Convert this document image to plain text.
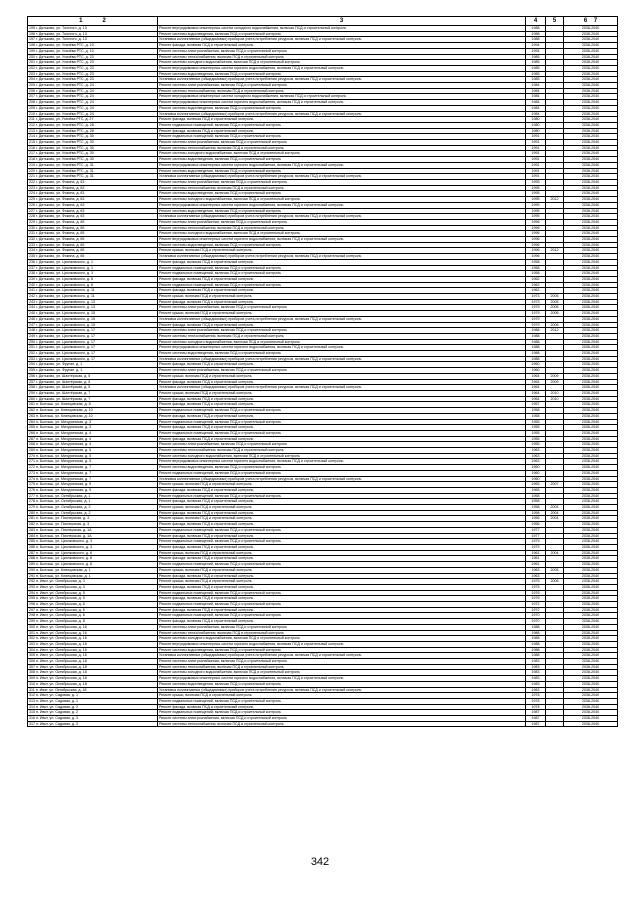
1 2	3	4	5	6 7
195 г. Дятьково, ул. Толстого, д. 13	Ремонт внутридомовых инженерных систем холодного водоснабжения, включая ПСД и строительный контроль	1988		2038-2040
196 г. Дятьково, ул. Толстого, д. 13	Ремонт системы водоотведения, включая ПСД и строительный контроль	1988		2038-2040
197 г. Дятьково, ул. Толстого, д. 13	Установка коллективных (общедомовых) приборов учета потребления ресурсов, включая ПСД и строительный контроль	1988		2038-2040
198 г. Дятьково, ул. Ухачёва РТС, д. 10	Ремонт фасада, включая ПСД и строительный контроль	1994		2038-2040
199 г. Дятьково, ул. Ухачёва РТС, д. 10	Ремонт системы электроснабжения, включая ПСД и строительный контроль	1994		2038-2040
200 г. Дятьково, ул. Ухачёва РТС, д. 23	Ремонт системы теплоснабжения, включая ПСД и строительный контроль	1985		2038-2040
201 г. Дятьково, ул. Ухачёва РТС, д. 23	Ремонт системы холодного водоснабжения, включая ПСД и строительный контроль	1985		2038-2040
202 г. Дятьково, ул. Ухачёва РТС, д. 23	Ремонт внутридомовых инженерных систем горячего водоснабжения, включая ПСД и строительный контроль	1985		2038-2040
203 г. Дятьково, ул. Ухачёва РТС, д. 23	Ремонт системы водоотведения, включая ПСД и строительный контроль	1985		2038-2040
204 г. Дятьково, ул. Ухачёва РТС, д. 23	Установка коллективных (общедомовых) приборов учета потребления ресурсов, включая ПСД и строительный контроль	1985		2038-2040
205 г. Дятьково, ул. Ухачёва РТС, д. 24	Ремонт системы электроснабжения, включая ПСД и строительный контроль	1984		2038-2040
206 г. Дятьково, ул. Ухачёва РТС, д. 24	Ремонт системы теплоснабжения, включая ПСД и строительный контроль	1984		2038-2040
207 г. Дятьково, ул. Ухачёва РТС, д. 24	Ремонт внутридомовых инженерных систем холодного водоснабжения, включая ПСД и строительный контроль	1984		2038-2040
208 г. Дятьково, ул. Ухачёва РТС, д. 24	Ремонт внутридомовых инженерных систем горячего водоснабжения, включая ПСД и строительный контроль	1984		2038-2040
209 г. Дятьково, ул. Ухачёва РТС, д. 24	Ремонт системы водоотведения, включая ПСД и строительный контроль	1984		2038-2040
210 г. Дятьково, ул. Ухачёва РТС, д. 24	Установка коллективных (общедомовых) приборов учета потребления ресурсов, включая ПСД и строительный контроль	1984		2038-2040
211 г. Дятьково, ул. Ухачёва РТС, д. 27	Ремонт фасада, включая ПСД и строительный контроль	1980		2038-2040
212 г. Дятьково, ул. Ухачёва РТС, д. 28	Ремонт подвальных помещений, включая ПСД и строительный контроль	1980		2038-2040
213 г. Дятьково, ул. Ухачёва РТС, д. 28	Ремонт фасада, включая ПСД и строительный контроль	1980		2038-2040
214 г. Дятьково, ул. Ухачёва РТС, д. 30	Ремонт подвальных помещений, включая ПСД и строительный контроль	1991		2038-2040
215 г. Дятьково, ул. Ухачёва РТС, д. 30	Ремонт системы электроснабжения, включая ПСД и строительный контроль	1991		2038-2040
216 г. Дятьково, ул. Ухачёва РТС, д. 30	Ремонт системы теплоснабжения, включая ПСД и строительный контроль	1991		2038-2040
217 г. Дятьково, ул. Ухачёва РТС, д. 30	Ремонт системы холодного водоснабжения, включая ПСД и строительный контроль	1991		2038-2040
218 г. Дятьково, ул. Ухачёва РТС, д. 30	Ремонт системы водоотведения, включая ПСД и строительный контроль	1991		2038-2040
219 г. Дятьково, ул. Ухачёва РТС, д. 31	Ремонт внутридомовых инженерных систем горячего водоснабжения, включая ПСД и строительный контроль	1991		2038-2040
220 г. Дятьково, ул. Ухачёва РТС, д. 31	Ремонт системы водоотведения, включая ПСД и строительный контроль	1991		2038-2040
221 г. Дятьково, ул. Ухачёва РТС, д. 31	Установка коллективных (общедомовых) приборов учета потребления ресурсов, включая ПСД и строительный контроль	1991		2038-2040
222 г. Дятьково, ул. Фокина, д. 63	Ремонт системы электроснабжения, включая ПСД и строительный контроль	1995		2038-2040
223 г. Дятьково, ул. Фокина, д. 63	Ремонт системы теплоснабжения, включая ПСД и строительный контроль	1995		2038-2040
224 г. Дятьково, ул. Фокина, д. 63	Ремонт системы водоотведения, включая ПСД и строительный контроль	1995		2038-2040
225 г. Дятьково, ул. Фокина, д. 63	Ремонт системы холодного водоснабжения, включая ПСД и строительный контроль	1995	2012	2038-2040
226 г. Дятьково, ул. Фокина, д. 63	Ремонт внутридомовых инженерных систем горячего водоснабжения, включая ПСД и строительный контроль	1995		2038-2040
227 г. Дятьково, ул. Фокина, д. 63	Ремонт системы водоотведения, включая ПСД и строительный контроль	1995		2038-2040
228 г. Дятьково, ул. Фокина, д. 63	Установка коллективных (общедомовых) приборов учета потребления ресурсов, включая ПСД и строительный контроль	1995		2038-2040
229 г. Дятьково, ул. Фокина, д. 65	Ремонт системы электроснабжения, включая ПСД и строительный контроль	1996		2038-2040
230 г. Дятьково, ул. Фокина, д. 65	Ремонт системы теплоснабжения, включая ПСД и строительный контроль	1996		2038-2040
231 г. Дятьково, ул. Фокина, д. 65	Ремонт системы холодного водоснабжения, включая ПСД и строительный контроль	1996		2038-2040
232 г. Дятьково, ул. Фокина, д. 65	Ремонт внутридомовых инженерных систем горячего водоснабжения, включая ПСД и строительный контроль	1996		2038-2040
233 г. Дятьково, ул. Фокина, д. 65	Ремонт системы водоотведения, включая ПСД и строительный контроль	1996		2038-2040
234 г. Дятьково, ул. Фокина, д. 65	Ремонт крыши, включая ПСД и строительный контроль	1996	2012	2038-2040
235 г. Дятьково, ул. Фокина, д. 65	Установка коллективных (общедомовых) приборов учета потребления ресурсов, включая ПСД и строительный контроль	1996		2038-2040
236 г. Дятьково, ул. Циолковского, д. 1	Ремонт фасада, включая ПСД и строительный контроль	1958		2038-2040
237 г. Дятьково, ул. Циолковского, д. 1	Ремонт подвальных помещений, включая ПСД и строительный контроль	1958		2038-2040
238 г. Дятьково, ул. Циолковского, д. 3	Ремонт подвальных помещений, включая ПСД и строительный контроль	1958		2038-2040
239 г. Дятьково, ул. Циолковского, д. 6	Ремонт фасада, включая ПСД и строительный контроль	1962		2038-2040
240 г. Дятьково, ул. Циолковского, д. 6	Ремонт подвальных помещений, включая ПСД и строительный контроль	1962		2038-2040
241 г. Дятьково, ул. Циолковского, д. 11	Ремонт фасада, включая ПСД и строительный контроль	1962		2038-2040
242 г. Дятьково, ул. Циолковского, д. 11	Ремонт крыши, включая ПСД и строительный контроль	1973	2005	2038-2040
243 г. Дятьково, ул. Циолковского, д. 13	Ремонт фасада, включая ПСД и строительный контроль	1973	2005	2038-2040
244 г. Дятьково, ул. Циолковского, д. 13	Ремонт системы электроснабжения, включая ПСД и строительный контроль	1979	2006	2038-2040
245 г. Дятьково, ул. Циолковского, д. 15	Ремонт крыши, включая ПСД и строительный контроль	1979	2006	2038-2040
246 г. Дятьково, ул. Циолковского, д. 15	Установка коллективных (общедомовых) приборов учета потребления ресурсов, включая ПСД и строительный контроль	1979		2038-2040
247 г. Дятьково, ул. Циолковского, д. 15	Ремонт фасада, включая ПСД и строительный контроль	1979	2006	2038-2040
248 г. Дятьково, ул. Циолковского, д. 17	Ремонт системы электроснабжения, включая ПСД и строительный контроль	1988	2012	2038-2040
249 г. Дятьково, ул. Циолковского, д. 17	Ремонт системы теплоснабжения, включая ПСД и строительный контроль	1988		2038-2040
250 г. Дятьково, ул. Циолковского, д. 17	Ремонт системы холодного водоснабжения, включая ПСД и строительный контроль	1988		2038-2040
251 г. Дятьково, ул. Циолковского, д. 17	Ремонт внутридомовых инженерных систем горячего водоснабжения, включая ПСД и строительный контроль	1988		2038-2040
252 г. Дятьково, ул. Циолковского, д. 17	Ремонт системы водоотведения, включая ПСД и строительный контроль	1988		2038-2040
253 г. Дятьково, ул. Циолковского, д. 17	Установка коллективных (общедомовых) приборов учета потребления ресурсов, включая ПСД и строительный контроль	1988		2038-2040
254 г. Дятьково, ул. Фрунзе, д. 1	Ремонт фасада, включая ПСД и строительный контроль	1960		2038-2040
255 г. Дятьково, ул. Фрунзе, д. 1	Ремонт системы электроснабжения, включая ПСД и строительный контроль	1960		2038-2040
256 г. Дятьково, ул. Шахтёрская, д. 5	Ремонт крыши, включая ПСД и строительный контроль	1964	2009	2038-2040
257 г. Дятьково, ул. Шахтёрская, д. 5	Ремонт фасада, включая ПСД и строительный контроль	1964	2009	2038-2040
258 г. Дятьково, ул. Шахтёрская, д. 5	Установка коллективных (общедомовых) приборов учета потребления ресурсов, включая ПСД и строительный контроль	1964		2038-2040
259 г. Дятьково, ул. Шахтёрская, д. 7	Ремонт крыши, включая ПСД и строительный контроль	1964	2010	2038-2040
260 г. Дятьково, ул. Шахтёрская, д. 7	Ремонт фасада, включая ПСД и строительный контроль	1964	2010	2038-2040
261 п. Бытошь, ул. Клинцовская, д. 8	Ремонт фасада, включая ПСД и строительный контроль	1957		2038-2040
262 п. Бытошь, ул. Клинцовская, д. 10	Ремонт подвальных помещений, включая ПСД и строительный контроль	1958		2038-2040
263 п. Бытошь, ул. Клинцовская, д. 10	Ремонт фасада, включая ПСД и строительный контроль	1958		2038-2040
264 п. Бытошь, ул. Мичуринская, д. 3	Ремонт подвальных помещений, включая ПСД и строительный контроль	1955		2038-2040
265 п. Бытошь, ул. Мичуринская, д. 3	Ремонт фасада, включая ПСД и строительный контроль	1955		2038-2040
266 п. Бытошь, ул. Мичуринская, д. 4	Ремонт подвальных помещений, включая ПСД и строительный контроль	1955		2038-2040
267 п. Бытошь, ул. Мичуринская, д. 4	Ремонт фасада, включая ПСД и строительный контроль	1955		2038-2040
268 п. Бытошь, ул. Мичуринская, д. 4	Ремонт системы электроснабжения, включая ПСД и строительный контроль	1955		2038-2040
269 п. Бытошь, ул. Мичуринская, д. 5	Ремонт системы теплоснабжения, включая ПСД и строительный контроль	1963		2038-2040
270 п. Бытошь, ул. Мичуринская, д. 5	Ремонт системы холодного водоснабжения, включая ПСД и строительный контроль	1963		2038-2040
271 п. Бытошь, ул. Мичуринская, д. 5	Ремонт внутридомовых инженерных систем горячего водоснабжения, включая ПСД и строительный контроль	1963		2038-2040
272 п. Бытошь, ул. Мичуринская, д. 7	Ремонт системы водоотведения, включая ПСД и строительный контроль	1960		2038-2040
273 п. Бытошь, ул. Мичуринская, д. 7	Ремонт подвальных помещений, включая ПСД и строительный контроль	1960		2038-2040
274 п. Бытошь, ул. Мичуринская, д. 7	Установка коллективных (общедомовых) приборов учета потребления ресурсов, включая ПСД и строительный контроль	1960		2038-2040
275 п. Бытошь, ул. Мичуринская, д. 9	Ремонт крыши, включая ПСД и строительный контроль	1965	2007	2038-2040
276 п. Бытошь, ул. Мичуринская, д. 9	Ремонт фасада, включая ПСД и строительный контроль	1965		2038-2040
277 п. Бытошь, ул. Октябрьская, д. 1	Ремонт подвальных помещений, включая ПСД и строительный контроль	1958		2038-2040
278 п. Бытошь, ул. Октябрьская, д. 1	Ремонт фасада, включая ПСД и строительный контроль	1958		2038-2040
279 п. Бытошь, ул. Октябрьская, д. 2	Ремонт крыши, включая ПСД и строительный контроль	1958	2004	2038-2040
280 п. Бытошь, ул. Октябрьская, д. 2	Ремонт фасада, включая ПСД и строительный контроль	1958	2004	2038-2040
281 п. Бытошь, ул. Пионерская, д. 3	Ремонт крыши, включая ПСД и строительный контроль	1956	2004	2038-2040
282 п. Бытошь, ул. Пионерская, д. 3	Ремонт фасада, включая ПСД и строительный контроль	1956		2038-2040
283 п. Бытошь, ул. Пионерская, д. 1А	Ремонт подвальных помещений, включая ПСД и строительный контроль	1977		2038-2040
284 п. Бытошь, ул. Пионерская, д. 1А	Ремонт фасада, включая ПСД и строительный контроль	1977		2038-2040
285 п. Бытошь, ул. Циолковского, д. 3	Ремонт подвальных помещений, включая ПСД и строительный контроль	1979		2038-2040
286 п. Бытошь, ул. Циолковского, д. 3	Ремонт фасада, включая ПСД и строительный контроль	1979		2038-2040
287 п. Бытошь, ул. Циолковского, д. 6	Ремонт крыши, включая ПСД и строительный контроль	1961	2004	2038-2040
288 п. Бытошь, ул. Циолковского, д. 8	Ремонт фасада, включая ПСД и строительный контроль	1961		2038-2040
289 п. Бытошь, ул. Циолковского, д. 8	Ремонт подвальных помещений, включая ПСД и строительный контроль	1961		2038-2040
290 п. Бытошь, ул. Клинцовская, д. 1	Ремонт крыши, включая ПСД и строительный контроль	1963	2005	2038-2040
291 п. Бытошь, ул. Клинцовская, д. 1	Ремонт фасада, включая ПСД и строительный контроль	1963		2038-2040
292 п. Ивот, ул. Октябрьская, д. 3	Ремонт крыши, включая ПСД и строительный контроль	1975	2006	2038-2040
293 п. Ивот, ул. Октябрьская, д. 3	Ремонт фасада, включая ПСД и строительный контроль	1975		2038-2040
294 п. Ивот, ул. Октябрьская, д. 5	Ремонт подвальных помещений, включая ПСД и строительный контроль	1976		2038-2040
295 п. Ивот, ул. Октябрьская, д. 5	Ремонт фасада, включая ПСД и строительный контроль	1976		2038-2040
296 п. Ивот, ул. Октябрьская, д. 6	Ремонт подвальных помещений, включая ПСД и строительный контроль	1972		2038-2040
297 п. Ивот, ул. Октябрьская, д. 6	Ремонт фасада, включая ПСД и строительный контроль	1972		2038-2040
298 п. Ивот, ул. Октябрьская, д. 8	Ремонт подвальных помещений, включая ПСД и строительный контроль	1970		2038-2040
299 п. Ивот, ул. Октябрьская, д. 8	Ремонт фасада, включая ПСД и строительный контроль	1970		2038-2040
300 п. Ивот, ул. Октябрьская, д. 16	Ремонт системы электроснабжения, включая ПСД и строительный контроль	1988		2038-2040
301 п. Ивот, ул. Октябрьская, д. 16	Ремонт системы теплоснабжения, включая ПСД и строительный контроль	1988		2038-2040
302 п. Ивот, ул. Октябрьская, д. 16	Ремонт системы холодного водоснабжения, включая ПСД и строительный контроль	1988		2038-2040
303 п. Ивот, ул. Октябрьская, д. 16	Ремонт внутридомовых инженерных систем горячего водоснабжения, включая ПСД и строительный контроль	1988		2038-2040
304 п. Ивот, ул. Октябрьская, д. 16	Ремонт системы водоотведения, включая ПСД и строительный контроль	1988		2038-2040
305 п. Ивот, ул. Октябрьская, д. 16	Установка коллективных (общедомовых) приборов учета потребления ресурсов, включая ПСД и строительный контроль	1988		2038-2040
306 п. Ивот, ул. Октябрьская, д. 18	Ремонт системы электроснабжения, включая ПСД и строительный контроль	1983		2038-2040
307 п. Ивот, ул. Октябрьская, д. 18	Ремонт системы теплоснабжения, включая ПСД и строительный контроль	1983		2038-2040
308 п. Ивот, ул. Октябрьская, д. 18	Ремонт системы холодного водоснабжения, включая ПСД и строительный контроль	1983		2038-2040
309 п. Ивот, ул. Октябрьская, д. 18	Ремонт внутридомовых инженерных систем горячего водоснабжения, включая ПСД и строительный контроль	1983		2038-2040
310 п. Ивот, ул. Октябрьская, д. 18	Ремонт системы водоотведения, включая ПСД и строительный контроль	1983		2038-2040
311 п. Ивот, ул. Октябрьская, д. 18	Установка коллективных (общедомовых) приборов учета потребления ресурсов, включая ПСД и строительный контроль	1983		2038-2040
312 п. Ивот, ул. Садовая, д. 1	Ремонт крыши, включая ПСД и строительный контроль	1978		2038-2040
313 п. Ивот, ул. Садовая, д. 1	Ремонт подвальных помещений, включая ПСД и строительный контроль	1978		2038-2040
314 п. Ивот, ул. Садовая, д. 2	Ремонт фасада, включая ПСД и строительный контроль	1978		2038-2040
315 п. Ивот, ул. Садовая, д. 2	Ремонт подвальных помещений, включая ПСД и строительный контроль	1987		2038-2040
316 п. Ивот, ул. Садовая, д. 3	Ремонт системы электроснабжения, включая ПСД и строительный контроль	1987		2038-2040
317 п. Ивот, ул. Садовая, д. 3	Ремонт системы теплоснабжения, включая ПСД и строительный контроль	1987		2038-2040
342
